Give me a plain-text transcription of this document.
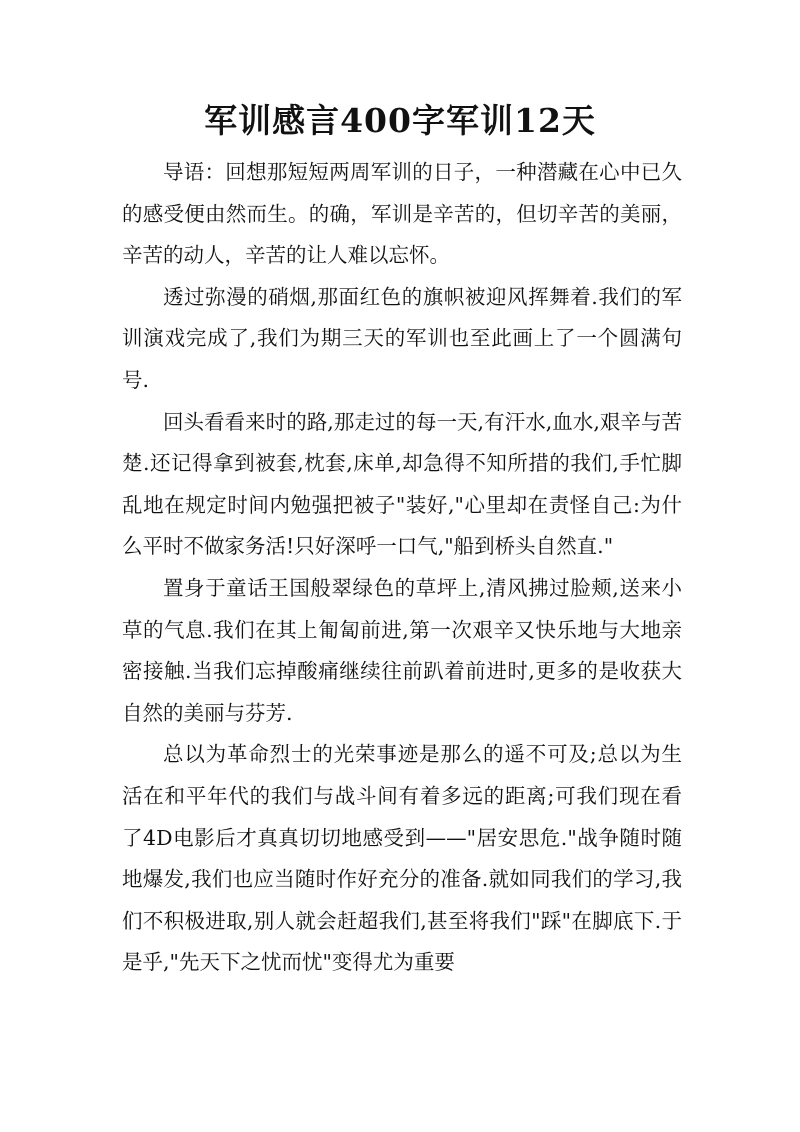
军训感言400字军训12天

导语：回想那短短两周军训的日子，一种潜藏在心中已久的感受便由然而生。的确，军训是辛苦的，但切辛苦的美丽，辛苦的动人，辛苦的让人难以忘怀。

透过弥漫的硝烟,那面红色的旗帜被迎风挥舞着.我们的军训演戏完成了,我们为期三天的军训也至此画上了一个圆满句号.

回头看看来时的路,那走过的每一天,有汗水,血水,艰辛与苦楚.还记得拿到被套,枕套,床单,却急得不知所措的我们,手忙脚乱地在规定时间内勉强把被子"装好,"心里却在责怪自己:为什么平时不做家务活!只好深呼一口气,"船到桥头自然直."

置身于童话王国般翠绿色的草坪上,清风拂过脸颊,送来小草的气息.我们在其上匍匐前进,第一次艰辛又快乐地与大地亲密接触.当我们忘掉酸痛继续往前趴着前进时,更多的是收获大自然的美丽与芬芳.

总以为革命烈士的光荣事迹是那么的遥不可及;总以为生活在和平年代的我们与战斗间有着多远的距离;可我们现在看了4D电影后才真真切切地感受到——"居安思危."战争随时随地爆发,我们也应当随时作好充分的准备.就如同我们的学习,我们不积极进取,别人就会赶超我们,甚至将我们"踩"在脚底下.于是乎,"先天下之忧而忧"变得尤为重要
